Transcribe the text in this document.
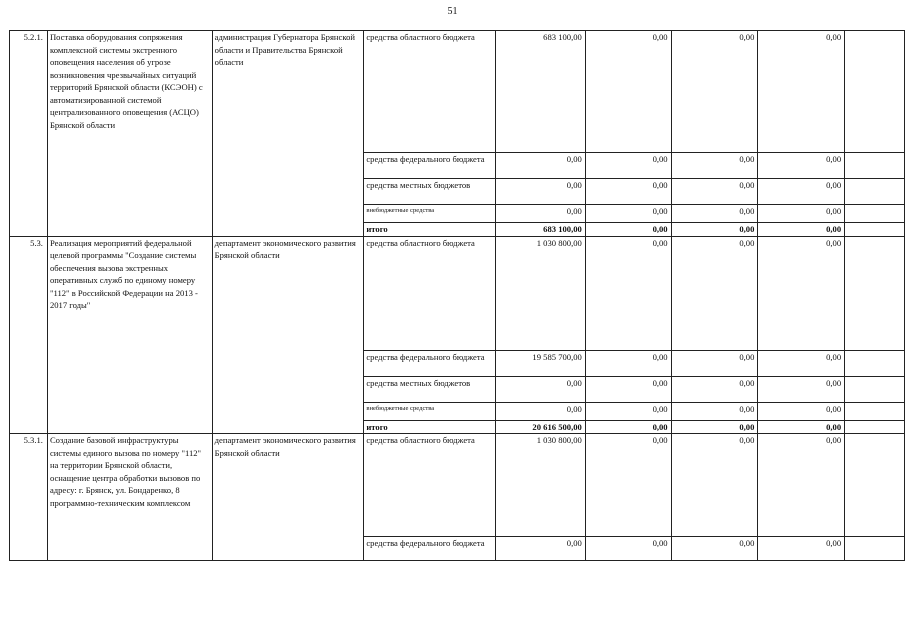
51
5.2.1.	Поставка оборудования сопряжения комплексной системы экстренного оповещения населения об угрозе возникновения чрезвычайных ситуаций территорий Брянской области (КСЭОН) с автоматизированной системой централизованного оповещения (АСЦО) Брянской области	администрация Губернатора Брянской области и Правительства Брянской области	средства областного бюджета	683 100,00	0,00	0,00	0,00	
			средства федерального бюджета	0,00	0,00	0,00	0,00	
			средства местных бюджетов	0,00	0,00	0,00	0,00	
			внебюджетные средства	0,00	0,00	0,00	0,00	
			итого	683 100,00	0,00	0,00	0,00	
5.3.	Реализация мероприятий федеральной целевой программы "Создание системы обеспечения вызова экстренных оперативных служб по единому номеру "112" в Российской Федерации на 2013 - 2017 годы"	департамент экономического развития Брянской области	средства областного бюджета	1 030 800,00	0,00	0,00	0,00	
			средства федерального бюджета	19 585 700,00	0,00	0,00	0,00	
			средства местных бюджетов	0,00	0,00	0,00	0,00	
			внебюджетные средства	0,00	0,00	0,00	0,00	
			итого	20 616 500,00	0,00	0,00	0,00	
5.3.1.	Создание базовой инфраструктуры системы единого вызова по номеру "112" на территории Брянской области, оснащение центра обработки вызовов по адресу: г. Брянск, ул. Бондаренко, 8 программно-техническим комплексом	департамент экономического развития Брянской области	средства областного бюджета	1 030 800,00	0,00	0,00	0,00	
			средства федерального бюджета	0,00	0,00	0,00	0,00	
